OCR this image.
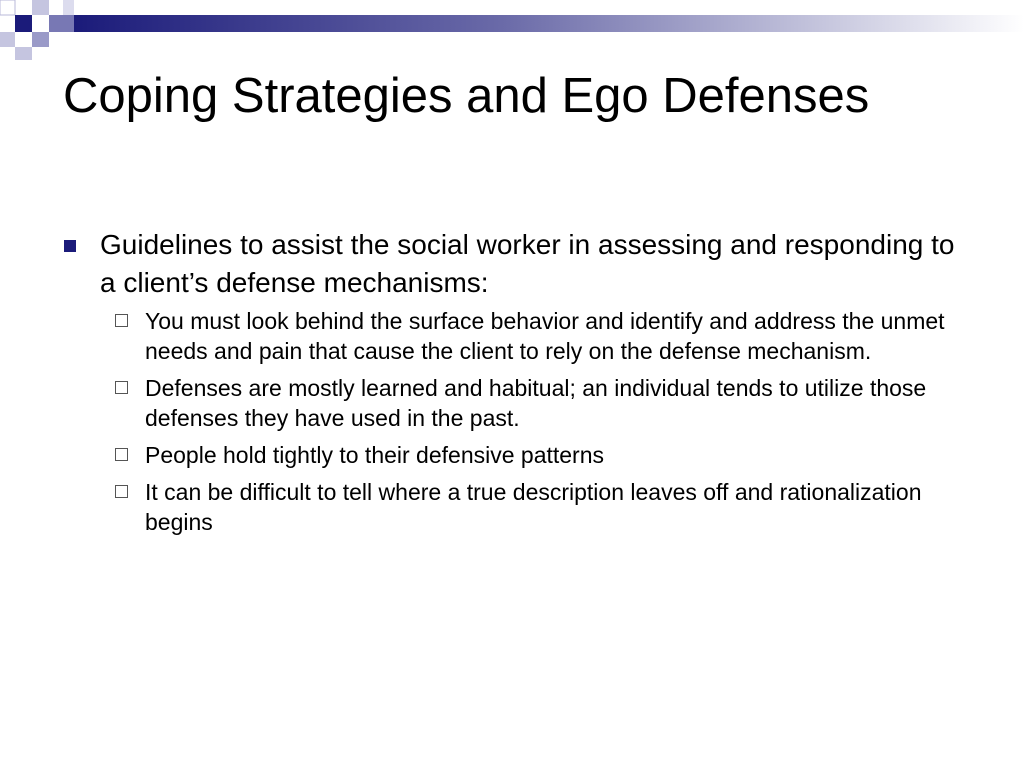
Coping Strategies and Ego Defenses
Guidelines to assist the social worker in assessing and responding to a client’s defense mechanisms:
You must look behind the surface behavior and identify and address the unmet needs and pain that cause the client to rely on the defense mechanism.
Defenses are mostly learned and habitual; an individual tends to utilize those defenses they have used in the past.
People hold tightly to their defensive patterns
It can be difficult to tell where a true description leaves off and rationalization begins
